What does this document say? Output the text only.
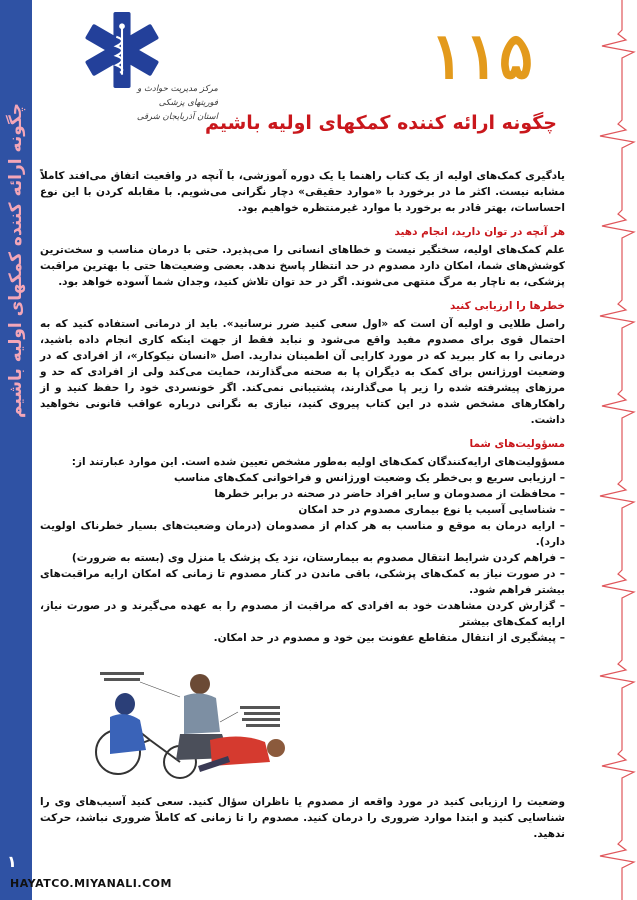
چگونه ارائه کننده کمکهای اولیه باشیم
۱
مرکز مدیریت حوادث و فوریتهای پزشکی
استان آذربایجان شرقی
۱۱۵
چگونه ارائه کننده کمکهای اولیه باشیم

یادگیری کمک‌های اولیه از یک کتاب راهنما یا یک دوره آموزشی، با آنچه در واقعیت اتفاق می‌افتد کاملاً مشابه نیست. اکثر ما در برخورد با «موارد حقیقی» دچار نگرانی می‌شویم. با مقابله کردن با این نوع احساسات، بهتر قادر به برخورد با موارد غیرمنتظره خواهیم بود.

هر آنچه در توان دارید، انجام دهید

علم کمک‌های اولیه، سختگیر نیست و خطاهای انسانی را می‌پذیرد. حتی با درمان مناسب و سخت‌ترین کوشش‌های شما، امکان دارد مصدوم در حد انتظار پاسخ ندهد. بعضی وضعیت‌ها حتی با بهترین مراقبت پزشکی، به ناچار به مرگ منتهی می‌شوند. اگر در حد توان تلاش کنید، وجدان شما آسوده خواهد بود.

خطرها را ارزیابی کنید

راصل طلایی و اولیه آن است که «اول سعی کنید ضرر نرسانید». باید از درمانی استفاده کنید که به احتمال قوی برای مصدوم مفید واقع می‌شود و نباید فقط از جهت اینکه کاری انجام داده باشید، درمانی را به کار ببرید که در مورد کارایی آن اطمینان ندارید. اصل «انسان نیکوکار»، از افرادی که در وضعیت اورژانس برای کمک به دیگران پا به صحنه می‌گذارند، حمایت می‌کند ولی از افرادی که حد و مرزهای پیشرفته شده را زیر پا می‌گذارند، پشتیبانی نمی‌کند. اگر خونسردی خود را حفظ کنید و از راهکارهای مشخص شده در این کتاب پیروی کنید، نیازی به نگرانی درباره عواقب قانونی نخواهید داشت.

مسؤولیت‌های شما

مسؤولیت‌های ارایه‌کنندگان کمک‌های اولیه به‌طور مشخص تعیین شده است. این موارد عبارتند از:

– ارزیابی سریع و بی‌خطر یک وضعیت اورژانس و فراخوانی کمک‌های مناسب
– محافظت از مصدومان و سایر افراد حاضر در صحنه در برابر خطرها
– شناسایی آسیب یا نوع بیماری مصدوم در حد امکان
– ارایه درمان به موقع و مناسب به هر کدام از مصدومان (درمان وضعیت‌های بسیار خطرناک اولویت دارد).
– فراهم کردن شرایط انتقال مصدوم به بیمارستان، نزد یک پزشک یا منزل وی (بسته به ضرورت)
– در صورت نیاز به کمک‌های پزشکی، باقی ماندن در کنار مصدوم تا زمانی که امکان ارایه مراقبت‌های بیشتر فراهم شود.
– گزارش کردن مشاهدت خود به افرادی که مراقبت از مصدوم را به عهده می‌گیرند و در صورت نیاز، ارایه کمک‌های بیشتر
– پیشگیری از انتقال متقاطع عفونت بین خود و مصدوم در حد امکان.
وضعیت را ارزیابی کنید در مورد واقعه از مصدوم یا ناظران سؤال کنید. سعی کنید آسیب‌های وی را شناسایی کنید و ابتدا موارد ضروری را درمان کنید. مصدوم را تا زمانی که کاملاً ضروری نباشد، حرکت ندهید.
HAYATCO.MIYANALI.COM
